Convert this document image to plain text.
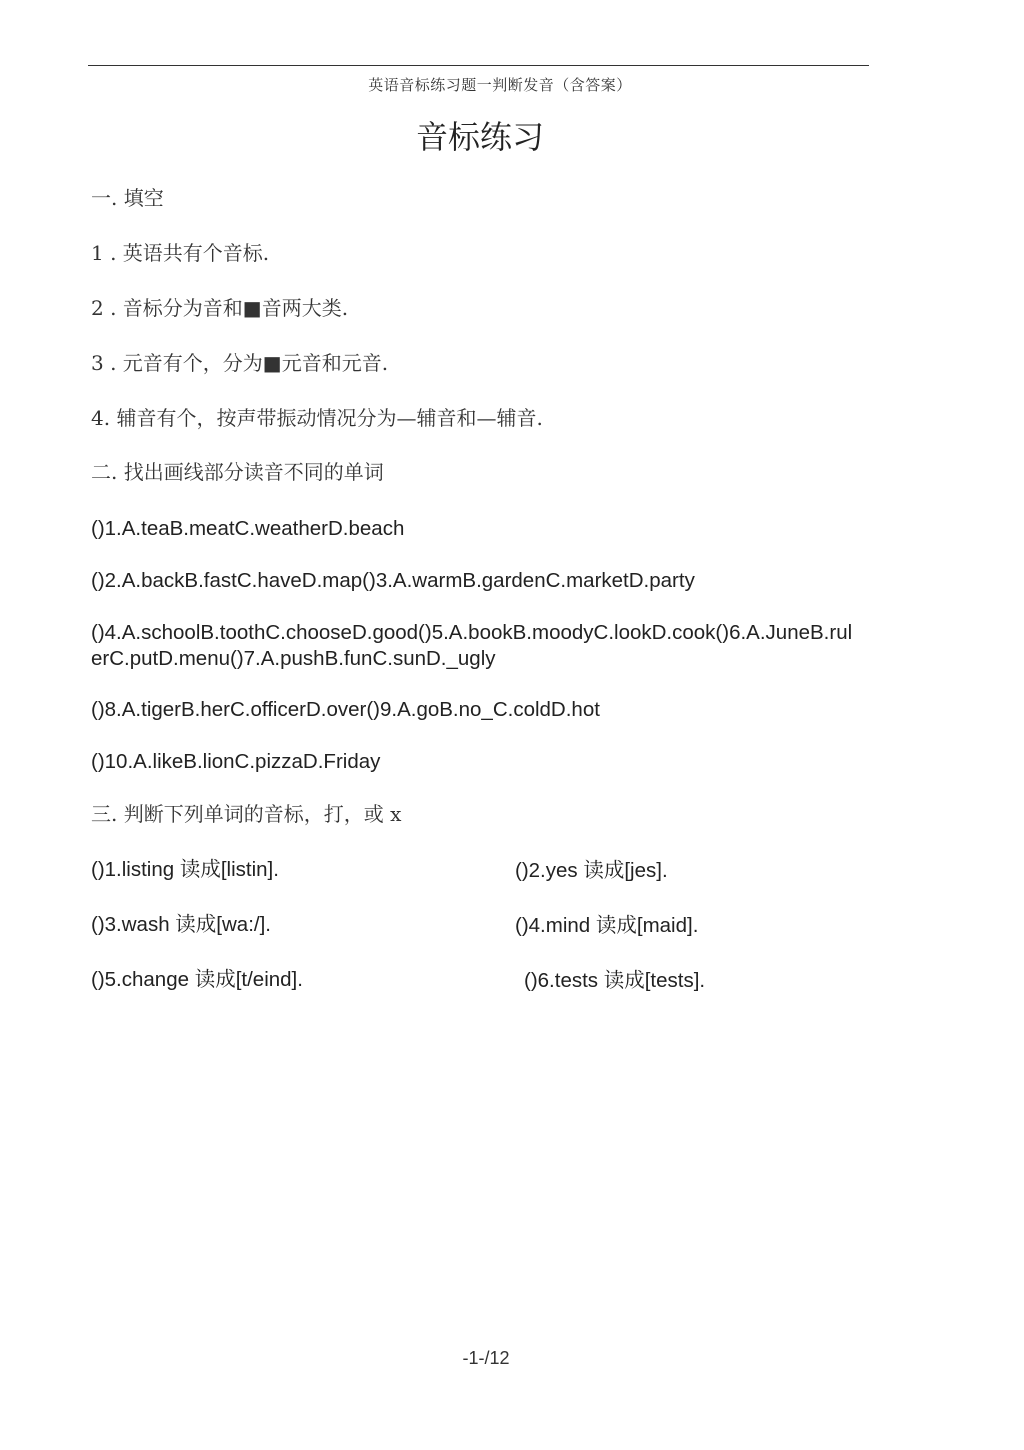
英语音标练习题一判断发音（含答案）
音标练习
一. 填空
1 . 英语共有个音标.
2 . 音标分为音和■音两大类.
3 . 元音有个，分为■元音和元音.
4. 辅音有个，按声带振动情况分为—辅音和—辅音.
二. 找出画线部分读音不同的单词
()1.A.teaB.meatC.weatherD.beach
()2.A.backB.fastC.haveD.map()3.A.warmB.gardenC.marketD.party
()4.A.schoolB.toothC.chooseD.good()5.A.bookB.moodyC.lookD.cook()6.A.JuneB.rulerC.putD.menu()7.A.pushB.funC.sunD._ugly
()8.A.tigerB.herC.officerD.over()9.A.goB.no_C.coldD.hot
()10.A.likeB.lionC.pizzaD.Friday
三. 判断下列单词的音标，打，或 x
()1.listing 读成[listin].	()2.yes 读成[jes].
()3.wash 读成[wa:/].	()4.mind 读成[maid].
()5.change 读成[t/eind].	()6.tests 读成[tests].
-1-/12
